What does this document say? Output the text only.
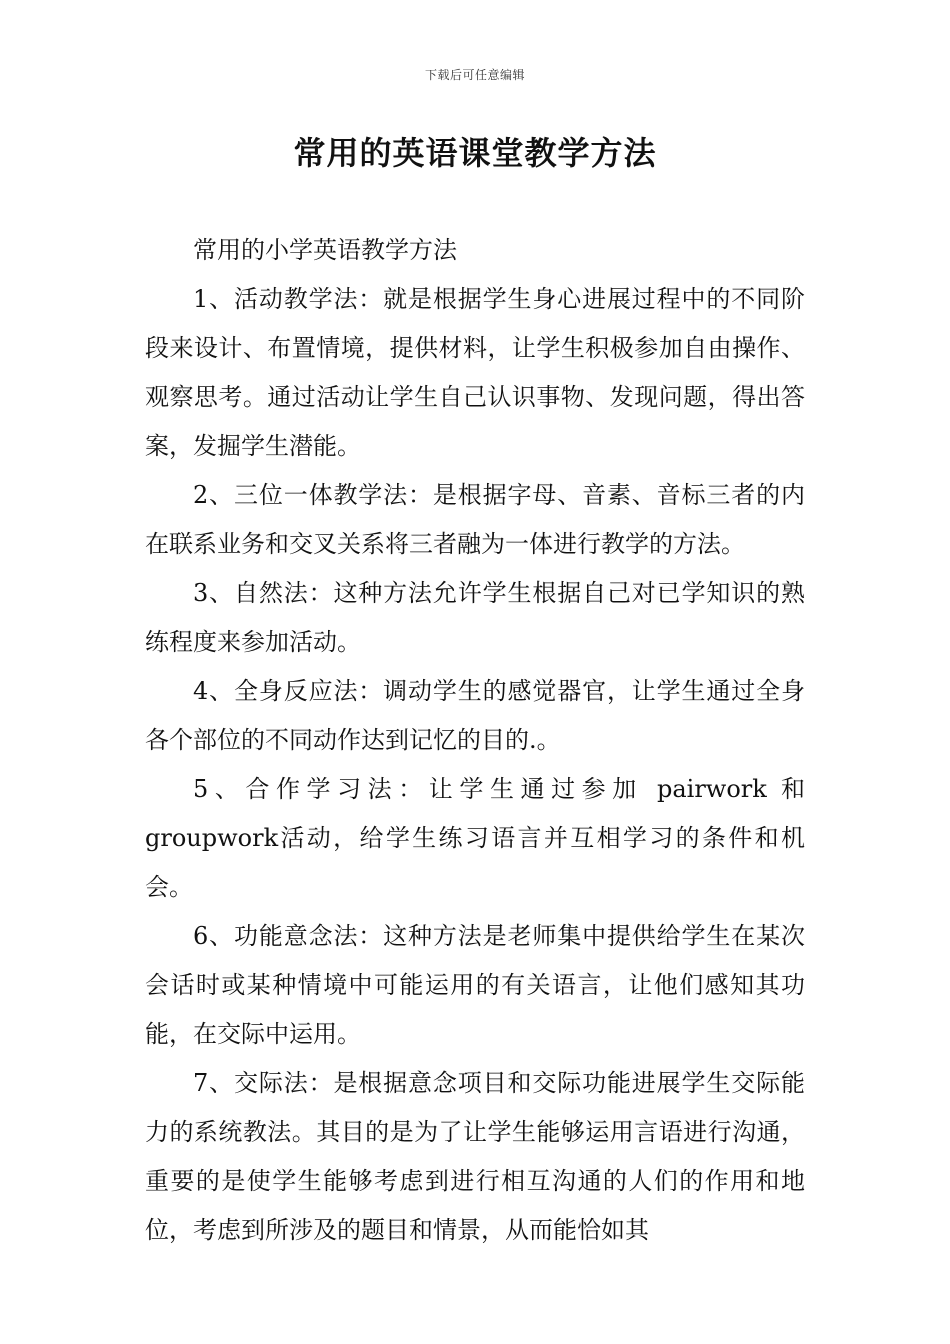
下载后可任意编辑
常用的英语课堂教学方法

常用的小学英语教学方法

1、活动教学法：就是根据学生身心进展过程中的不同阶段来设计、布置情境，提供材料，让学生积极参加自由操作、观察思考。通过活动让学生自己认识事物、发现问题，得出答案，发掘学生潜能。

2、三位一体教学法：是根据字母、音素、音标三者的内在联系业务和交叉关系将三者融为一体进行教学的方法。

3、自然法：这种方法允许学生根据自己对已学知识的熟练程度来参加活动。

4、全身反应法：调动学生的感觉器官，让学生通过全身各个部位的不同动作达到记忆的目的.。

5、合作学习法：让学生通过参加 pairwork 和 groupwork活动，给学生练习语言并互相学习的条件和机会。

6、功能意念法：这种方法是老师集中提供给学生在某次会话时或某种情境中可能运用的有关语言，让他们感知其功能，在交际中运用。

7、交际法：是根据意念项目和交际功能进展学生交际能力的系统教法。其目的是为了让学生能够运用言语进行沟通，重要的是使学生能够考虑到进行相互沟通的人们的作用和地位，考虑到所涉及的题目和情景，从而能恰如其
